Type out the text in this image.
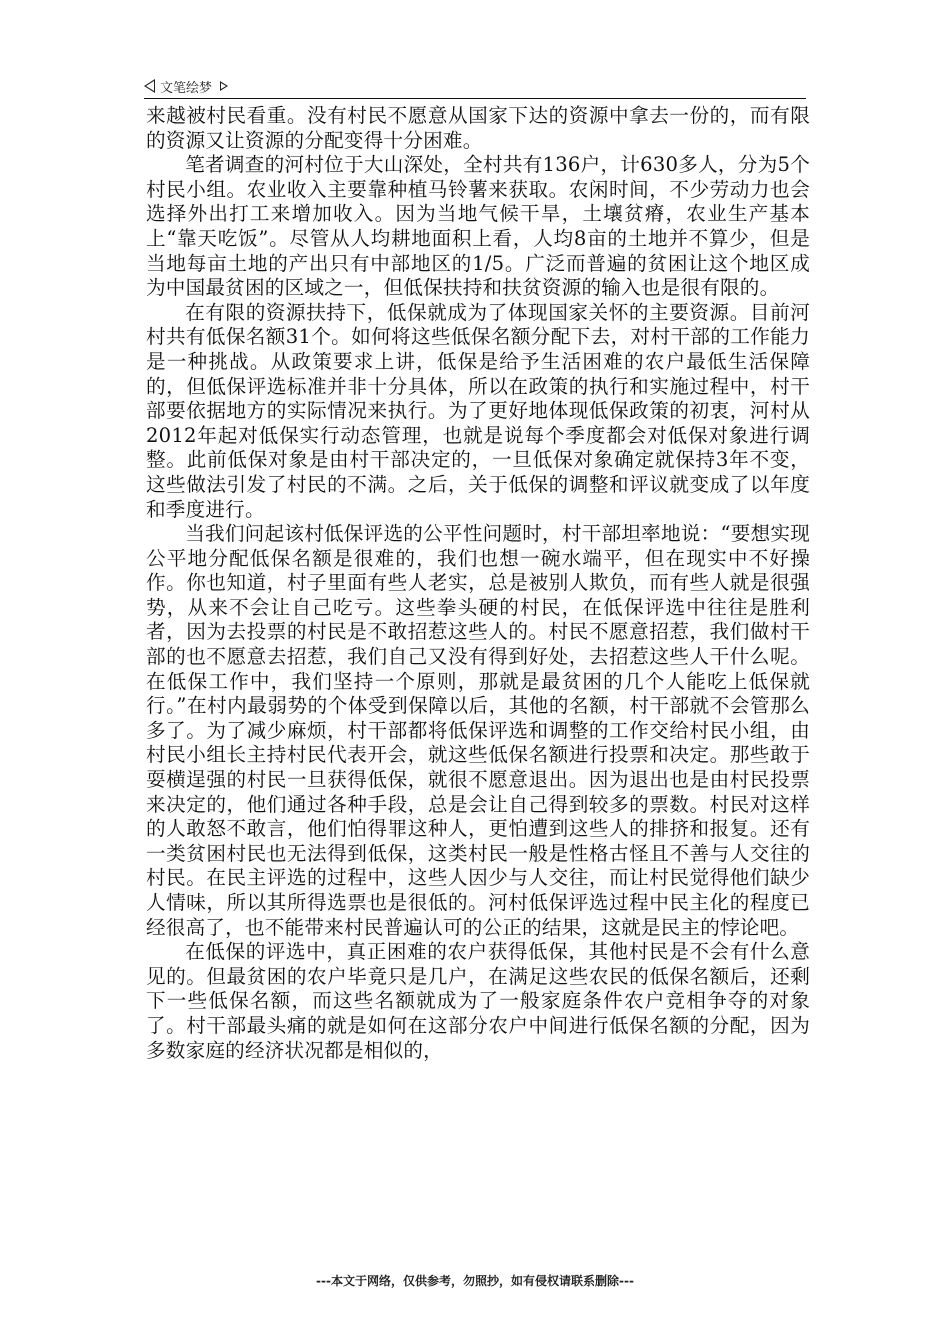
文笔绘梦

来越被村民看重。没有村民不愿意从国家下达的资源中拿去一份的，而有限的资源又让资源的分配变得十分困难。

笔者调查的河村位于大山深处，全村共有136户，计630多人，分为5个村民小组。农业收入主要靠种植马铃薯来获取。农闲时间，不少劳动力也会选择外出打工来增加收入。因为当地气候干旱，土壤贫瘠，农业生产基本上“靠天吃饭”。尽管从人均耕地面积上看，人均8亩的土地并不算少，但是当地每亩土地的产出只有中部地区的1/5。广泛而普遍的贫困让这个地区成为中国最贫困的区域之一，但低保扶持和扶贫资源的输入也是很有限的。

在有限的资源扶持下，低保就成为了体现国家关怀的主要资源。目前河村共有低保名额31个。如何将这些低保名额分配下去，对村干部的工作能力是一种挑战。从政策要求上讲，低保是给予生活困难的农户最低生活保障的，但低保评选标准并非十分具体，所以在政策的执行和实施过程中，村干部要依据地方的实际情况来执行。为了更好地体现低保政策的初衷，河村从2012年起对低保实行动态管理，也就是说每个季度都会对低保对象进行调整。此前低保对象是由村干部决定的，一旦低保对象确定就保持3年不变，这些做法引发了村民的不满。之后，关于低保的调整和评议就变成了以年度和季度进行。

当我们问起该村低保评选的公平性问题时，村干部坦率地说：“要想实现公平地分配低保名额是很难的，我们也想一碗水端平，但在现实中不好操作。你也知道，村子里面有些人老实，总是被别人欺负，而有些人就是很强势，从来不会让自己吃亏。这些拳头硬的村民，在低保评选中往往是胜利者，因为去投票的村民是不敢招惹这些人的。村民不愿意招惹，我们做村干部的也不愿意去招惹，我们自己又没有得到好处，去招惹这些人干什么呢。在低保工作中，我们坚持一个原则，那就是最贫困的几个人能吃上低保就行。”在村内最弱势的个体受到保障以后，其他的名额，村干部就不会管那么多了。为了减少麻烦，村干部都将低保评选和调整的工作交给村民小组，由村民小组长主持村民代表开会，就这些低保名额进行投票和决定。那些敢于耍横逞强的村民一旦获得低保，就很不愿意退出。因为退出也是由村民投票来决定的，他们通过各种手段，总是会让自己得到较多的票数。村民对这样的人敢怒不敢言，他们怕得罪这种人，更怕遭到这些人的排挤和报复。还有一类贫困村民也无法得到低保，这类村民一般是性格古怪且不善与人交往的村民。在民主评选的过程中，这些人因少与人交往，而让村民觉得他们缺少人情味，所以其所得选票也是很低的。河村低保评选过程中民主化的程度已经很高了，也不能带来村民普遍认可的公正的结果，这就是民主的悖论吧。

在低保的评选中，真正困难的农户获得低保，其他村民是不会有什么意见的。但最贫困的农户毕竟只是几户，在满足这些农民的低保名额后，还剩下一些低保名额，而这些名额就成为了一般家庭条件农户竞相争夺的对象了。村干部最头痛的就是如何在这部分农户中间进行低保名额的分配，因为多数家庭的经济状况都是相似的，

---本文于网络，仅供参考，勿照抄，如有侵权请联系删除---
